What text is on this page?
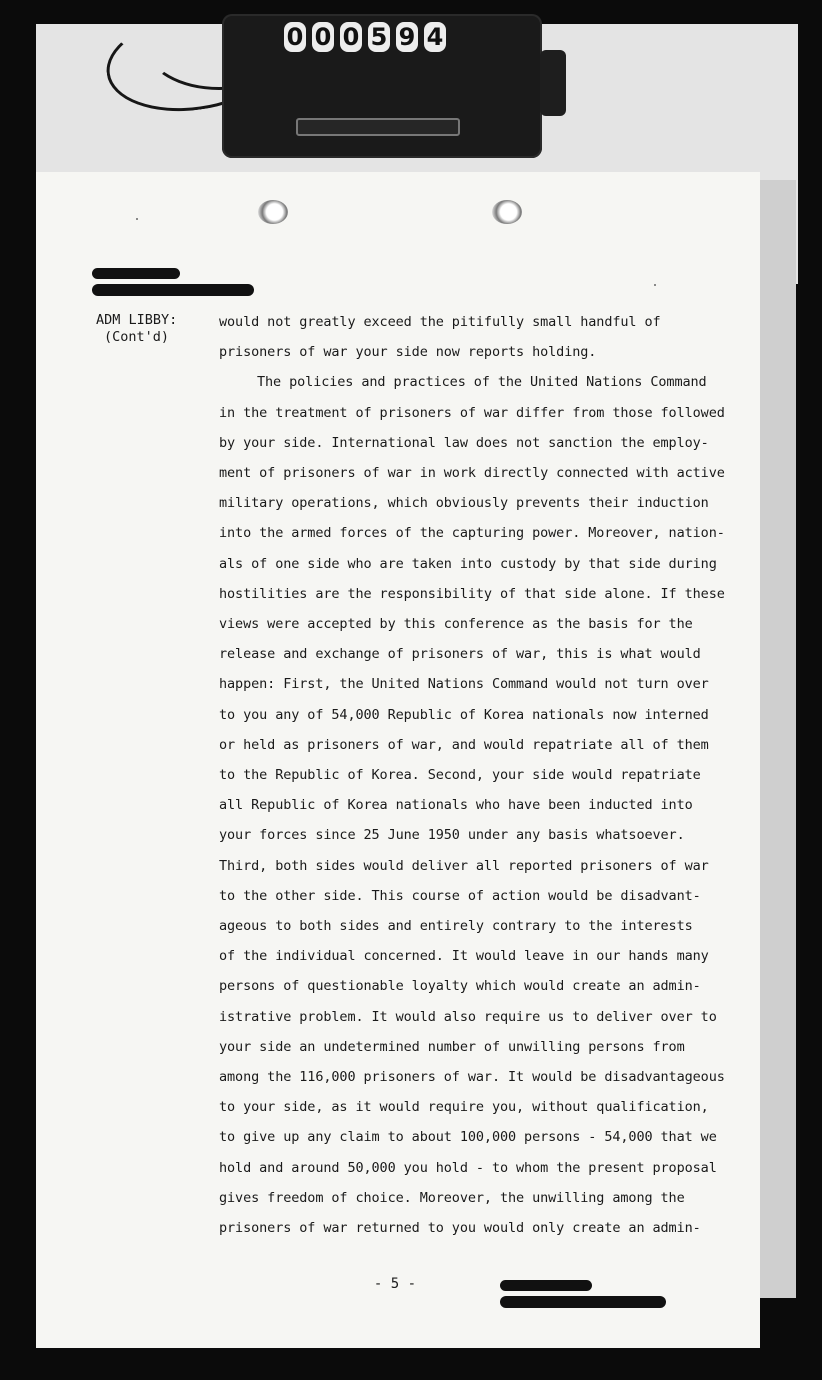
0 0 0 5 9 4
ADM LIBBY:

(Cont'd)
would not greatly exceed the pitifully small handful of
prisoners of war your side now reports holding.
The policies and practices of the United Nations Command
in the treatment of prisoners of war differ from those followed
by your side. International law does not sanction the employ-
ment of prisoners of war in work directly connected with active
military operations, which obviously prevents their induction
into the armed forces of the capturing power. Moreover, nation-
als of one side who are taken into custody by that side during
hostilities are the responsibility of that side alone. If these
views were accepted by this conference as the basis for the
release and exchange of prisoners of war, this is what would
happen: First, the United Nations Command would not turn over
to you any of 54,000 Republic of Korea nationals now interned
or held as prisoners of war, and would repatriate all of them
to the Republic of Korea. Second, your side would repatriate
all Republic of Korea nationals who have been inducted into
your forces since 25 June 1950 under any basis whatsoever.
Third, both sides would deliver all reported prisoners of war
to the other side. This course of action would be disadvant-
ageous to both sides and entirely contrary to the interests
of the individual concerned. It would leave in our hands many
persons of questionable loyalty which would create an admin-
istrative problem. It would also require us to deliver over to
your side an undetermined number of unwilling persons from
among the 116,000 prisoners of war. It would be disadvantageous
to your side, as it would require you, without qualification,
to give up any claim to about 100,000 persons - 54,000 that we
hold and around 50,000 you hold - to whom the present proposal
gives freedom of choice. Moreover, the unwilling among the
prisoners of war returned to you would only create an admin-
- 5 -
